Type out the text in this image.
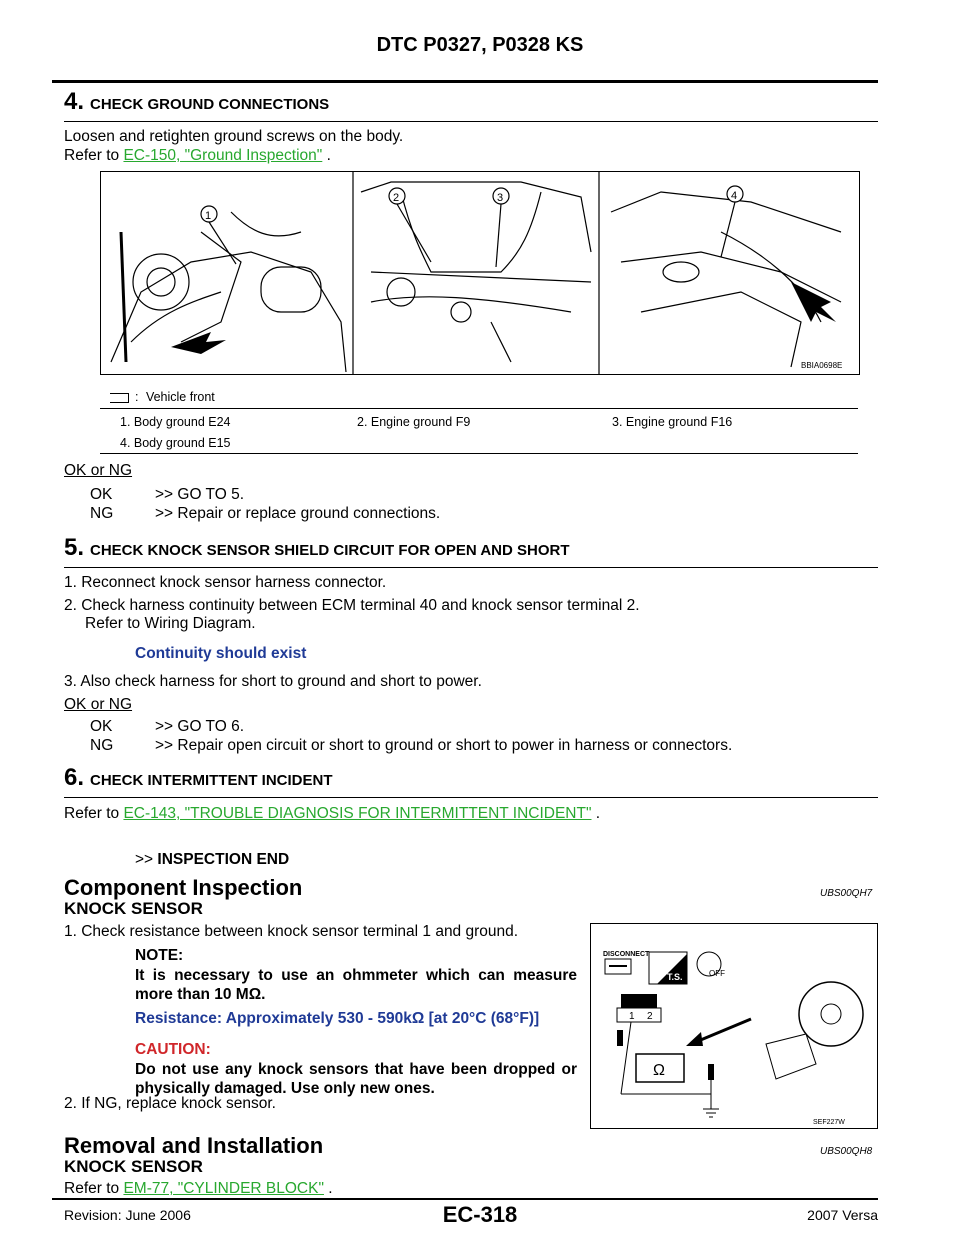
DTC P0327, P0328 KS
4. CHECK GROUND CONNECTIONS
Loosen and retighten ground screws on the body.
Refer to EC-150, "Ground Inspection" .
1
2	3	4
BBIA0698E
: Vehicle front
1. Body ground E24	2. Engine ground F9	3. Engine ground F16
4. Body ground E15
OK or NG
OK	>> GO TO 5.
NG	>> Repair or replace ground connections.
5. CHECK KNOCK SENSOR SHIELD CIRCUIT FOR OPEN AND SHORT
1. Reconnect knock sensor harness connector.
2. Check harness continuity between ECM terminal 40 and knock sensor terminal 2.
Refer to Wiring Diagram.
Continuity should exist
3. Also check harness for short to ground and short to power.
OK or NG
OK	>> GO TO 6.
NG	>> Repair open circuit or short to ground or short to power in harness or connectors.
6. CHECK INTERMITTENT INCIDENT
Refer to EC-143, "TROUBLE DIAGNOSIS FOR INTERMITTENT INCIDENT" .
>> INSPECTION END
Component Inspection	UBS00QH7
KNOCK SENSOR
1. Check resistance between knock sensor terminal 1 and ground.
NOTE:
It is necessary to use an ohmmeter which can measure more than 10 MΩ.
Resistance: Approximately 530 - 590kΩ [at 20°C (68°F)]
CAUTION:
Do not use any knock sensors that have been dropped or physically damaged. Use only new ones.
2. If NG, replace knock sensor.
DISCONNECT
T.S.	OFF
1 2
Ω
SEF227W
Removal and Installation	UBS00QH8
KNOCK SENSOR
Refer to EM-77, "CYLINDER BLOCK" .
Revision: June 2006	EC-318	2007 Versa
